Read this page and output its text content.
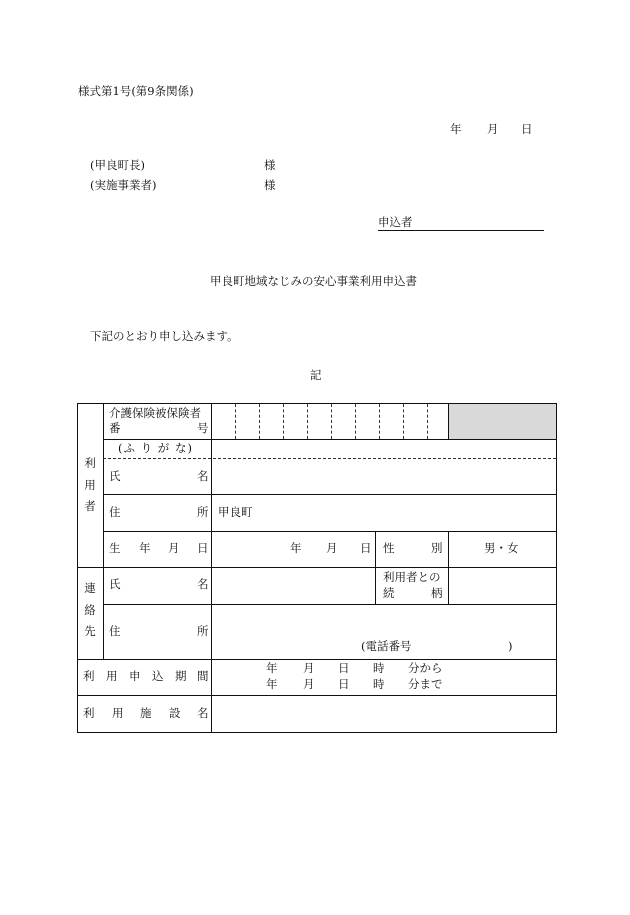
様式第1号(第9条関係)
年 月 日
(甲良町長)	様
(実施事業者)	様
申込者
甲良町地域なじみの安心事業利用申込書
下記のとおり申し込みます。
記
利
用
者
介護保険被保険者
番	号
(ふ り が な)
氏	名
住	所 甲良町
生 年 月 日	年 月 日 性	別	男・女
連
絡
先
氏	名	利用者との
続	柄
住	所
(電話番号	)
利 用 申 込 期 間
年 月 日 時 分から
年 月 日 時 分まで
利 用 施 設 名
